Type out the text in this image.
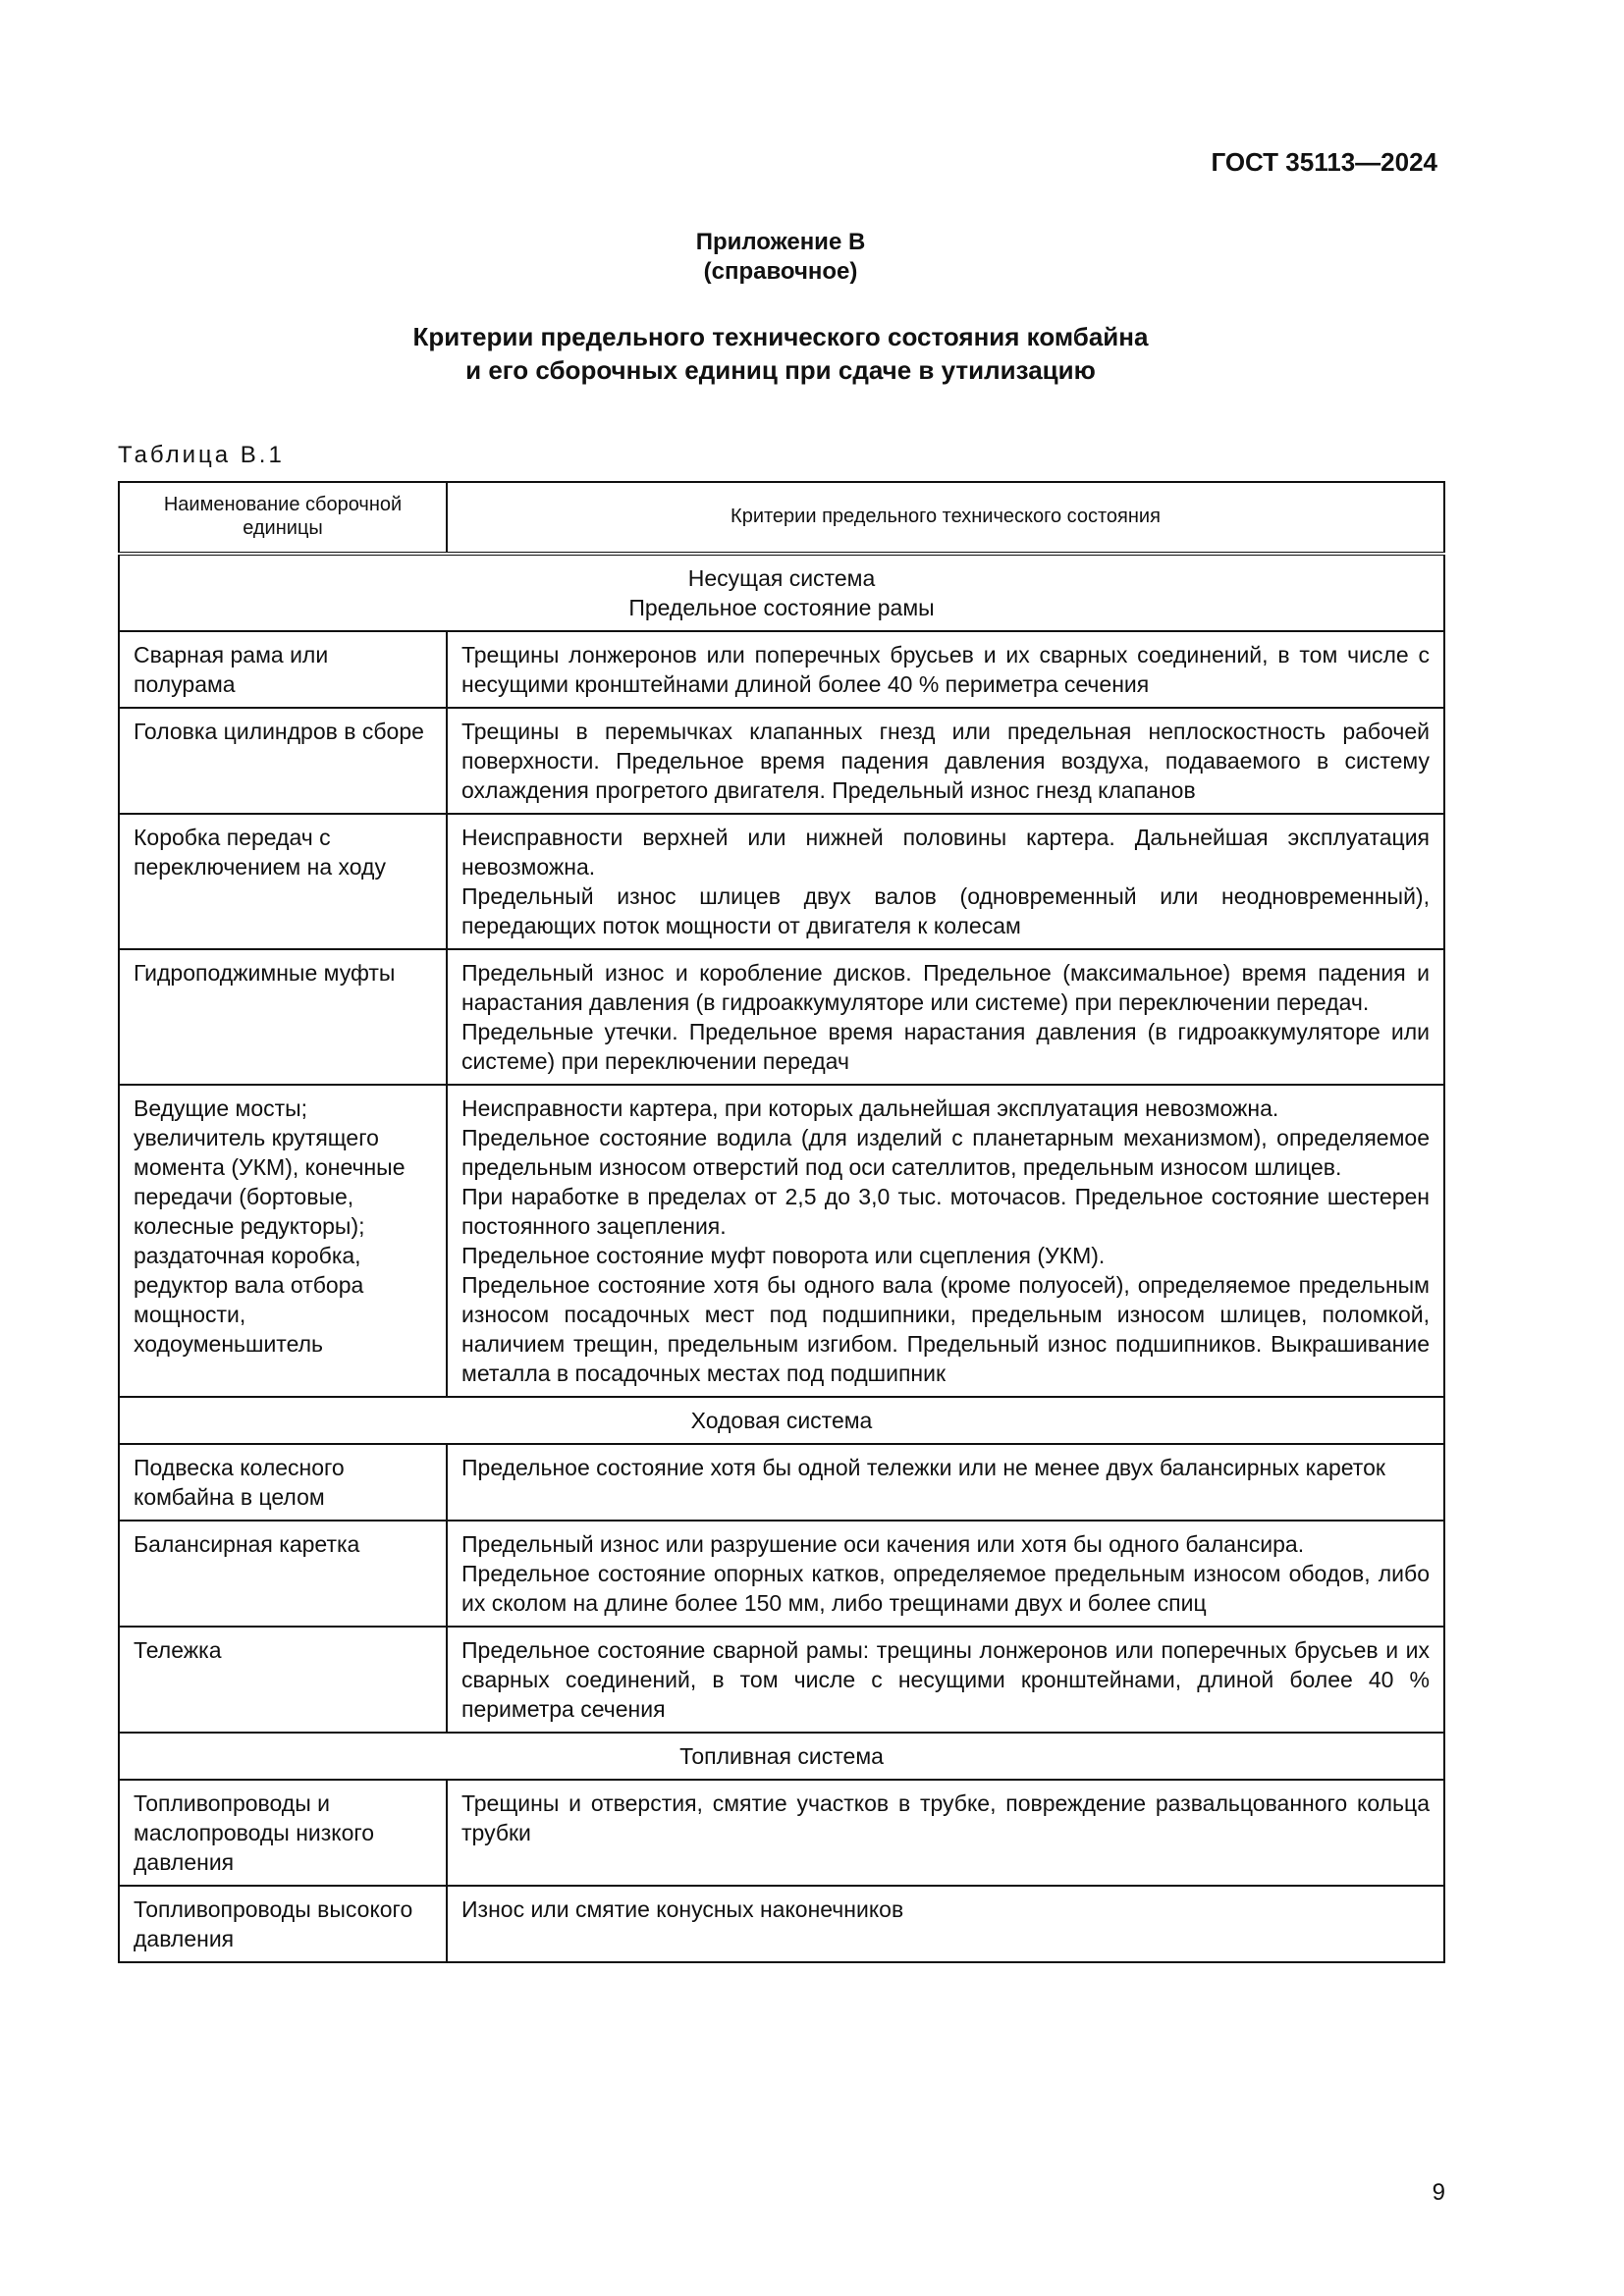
ГОСТ 35113—2024
Приложение В
(справочное)
Критерии предельного технического состояния комбайна
и его сборочных единиц при сдаче в утилизацию
Таблица В.1
Наименование сборочной единицы	Критерии предельного технического состояния

Несущая система
Предельное состояние рамы	

Сварная рама или полурама	Трещины лонжеронов или поперечных брусьев и их сварных соединений, в том числе с несущими кронштейнами длиной более 40 % периметра сечения

Головка цилиндров в сборе	Трещины в перемычках клапанных гнезд или предельная неплоскостность рабочей поверхности. Предельное время падения давления воздуха, подаваемого в систему охлаждения прогретого двигателя. Предельный износ гнезд клапанов

Коробка передач с переключением на ходу	Неисправности верхней или нижней половины картера. Дальнейшая эксплуатация невозможна.
Предельный износ шлицев двух валов (одновременный или неодновременный), передающих поток мощности от двигателя к колесам

Гидроподжимные муфты	Предельный износ и коробление дисков. Предельное (максимальное) время падения и нарастания давления (в гидроаккумуляторе или системе) при переключении передач.
Предельные утечки. Предельное время нарастания давления (в гидроаккумуляторе или системе) при переключении передач

Ведущие мосты; увеличитель крутящего момента (УКМ), конечные передачи (бортовые, колесные редукторы); раздаточная коробка, редуктор вала отбора мощности, ходоуменьшитель	Неисправности картера, при которых дальнейшая эксплуатация невозможна.
Предельное состояние водила (для изделий с планетарным механизмом), определяемое предельным износом отверстий под оси сателлитов, предельным износом шлицев.
При наработке в пределах от 2,5 до 3,0 тыс. моточасов. Предельное состояние шестерен постоянного зацепления.
Предельное состояние муфт поворота или сцепления (УКМ).
Предельное состояние хотя бы одного вала (кроме полуосей), определяемое предельным износом посадочных мест под подшипники, предельным износом шлицев, поломкой, наличием трещин, предельным изгибом. Предельный износ подшипников. Выкрашивание металла в посадочных местах под подшипник

Ходовая система	

Подвеска колесного комбайна в целом	Предельное состояние хотя бы одной тележки или не менее двух балансирных кареток

Балансирная каретка	Предельный износ или разрушение оси качения или хотя бы одного балансира.
Предельное состояние опорных катков, определяемое предельным износом ободов, либо их сколом на длине более 150 мм, либо трещинами двух и более спиц

Тележка	Предельное состояние сварной рамы: трещины лонжеронов или поперечных брусьев и их сварных соединений, в том числе с несущими кронштейнами, длиной более 40 % периметра сечения

Топливная система	

Топливопроводы и маслопроводы низкого давления	Трещины и отверстия, смятие участков в трубке, повреждение развальцованного кольца трубки

Топливопроводы высокого давления	Износ или смятие конусных наконечников
9
